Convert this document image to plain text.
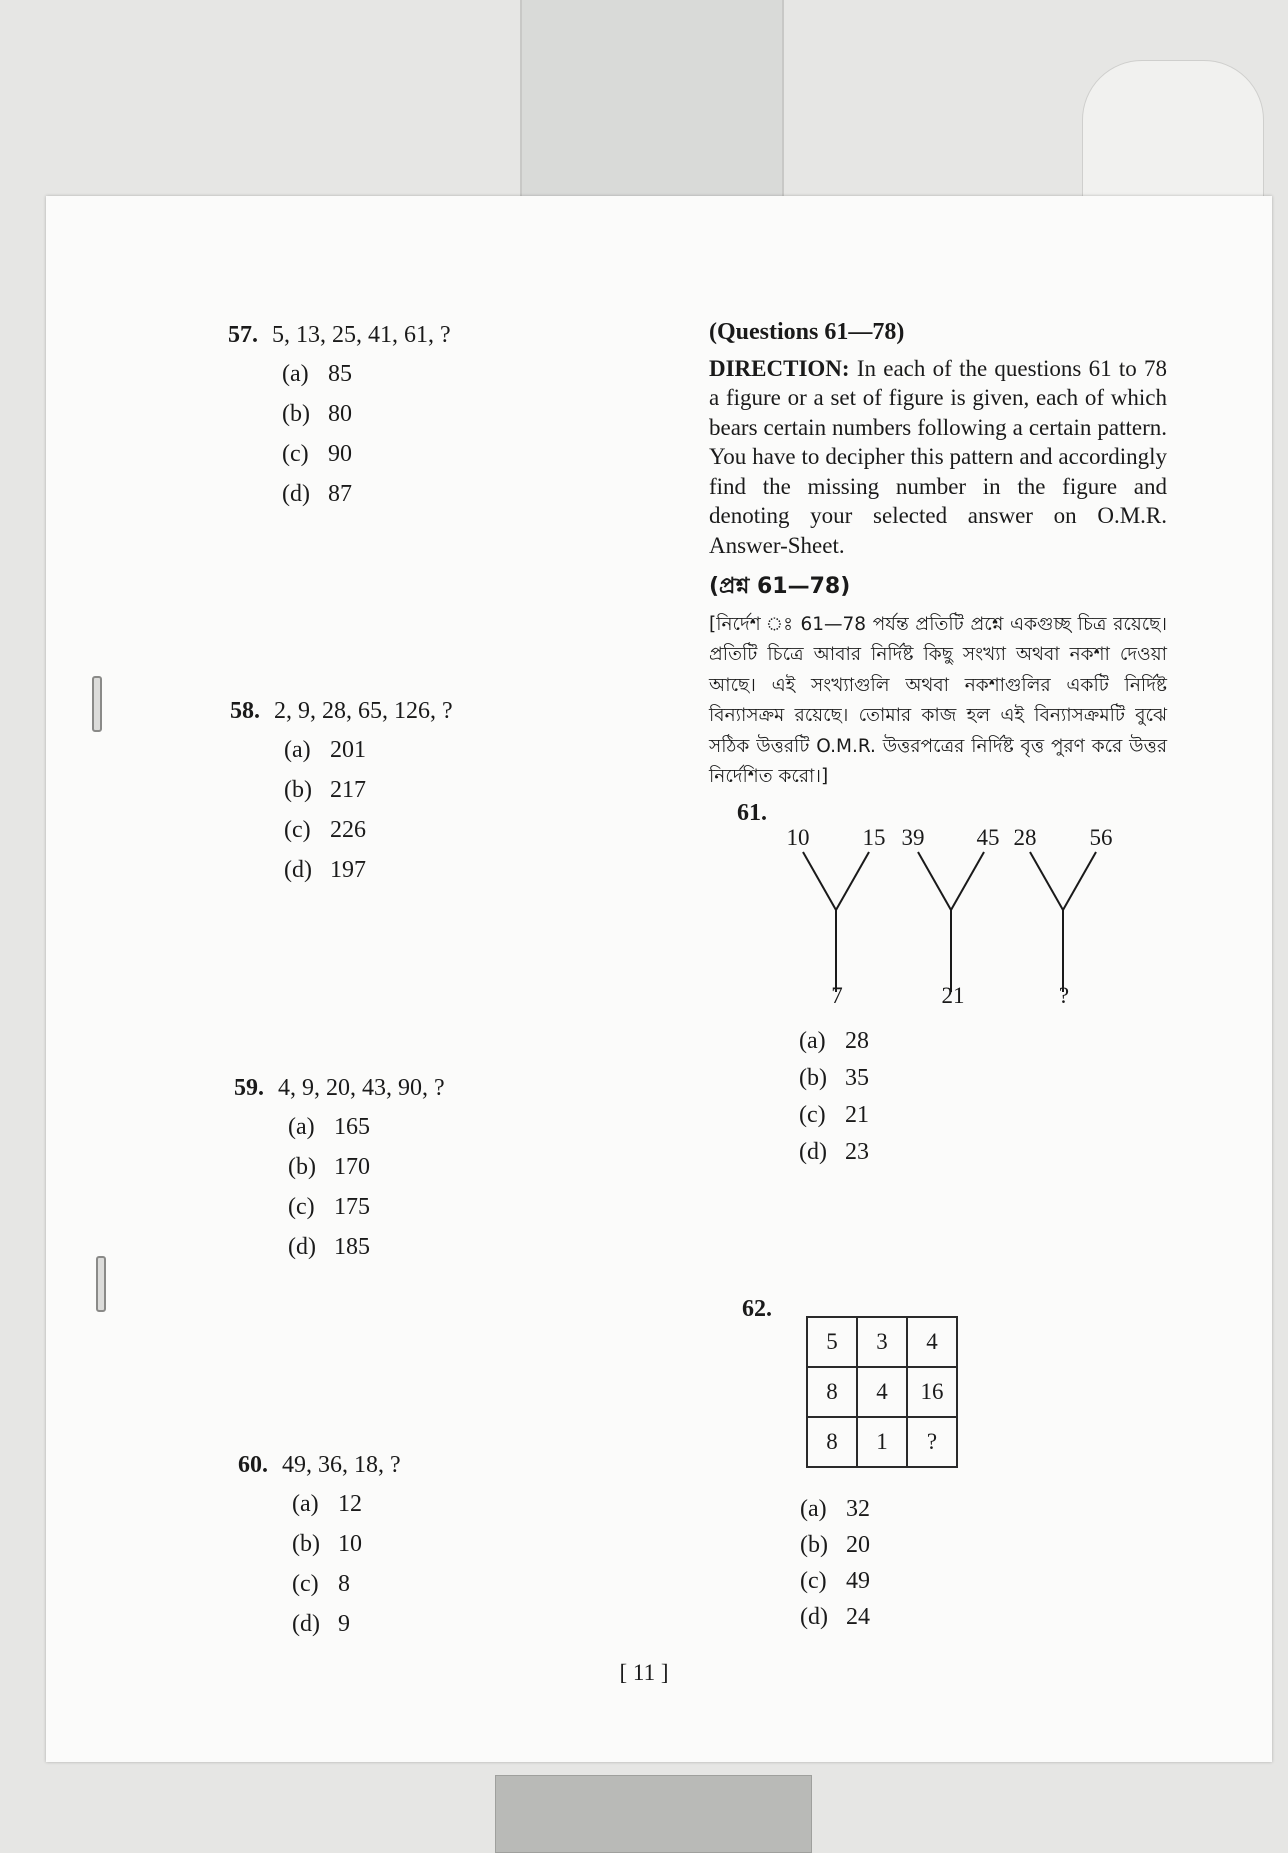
57. 5, 13, 25, 41, 61, ?
(a) 85
(b) 80
(c) 90
(d) 87
58. 2, 9, 28, 65, 126, ?
(a) 201
(b) 217
(c) 226
(d) 197
59. 4, 9, 20, 43, 90, ?
(a) 165
(b) 170
(c) 175
(d) 185
60. 49, 36, 18, ?
(a) 12
(b) 10
(c) 8
(d) 9
(Questions 61—78)
DIRECTION: In each of the questions 61 to 78 a figure or a set of figure is given, each of which bears certain numbers following a certain pattern. You have to decipher this pattern and accordingly find the missing number in the figure and denoting your selected answer on O.M.R. Answer-Sheet.
(প্রশ্ন 61—78)
[নির্দেশ ঃ 61—78 পর্যন্ত প্রতিটি প্রশ্নে একগুচ্ছ চিত্র রয়েছে। প্রতিটি চিত্রে আবার নির্দিষ্ট কিছু সংখ্যা অথবা নকশা দেওয়া আছে। এই সংখ্যাগুলি অথবা নকশাগুলির একটি নির্দিষ্ট বিন্যাসক্রম রয়েছে। তোমার কাজ হল এই বিন্যাসক্রমটি বুঝে সঠিক উত্তরটি O.M.R. উত্তরপত্রের নির্দিষ্ট বৃত্ত পুরণ করে উত্তর নির্দেশিত করো।]
61.
10 15
7
39 45
21
28 56
?
(a) 28
(b) 35
(c) 21
(d) 23
62.
5	3	4
8	4	16
8	1	?
(a) 32
(b) 20
(c) 49
(d) 24
[ 11 ]
